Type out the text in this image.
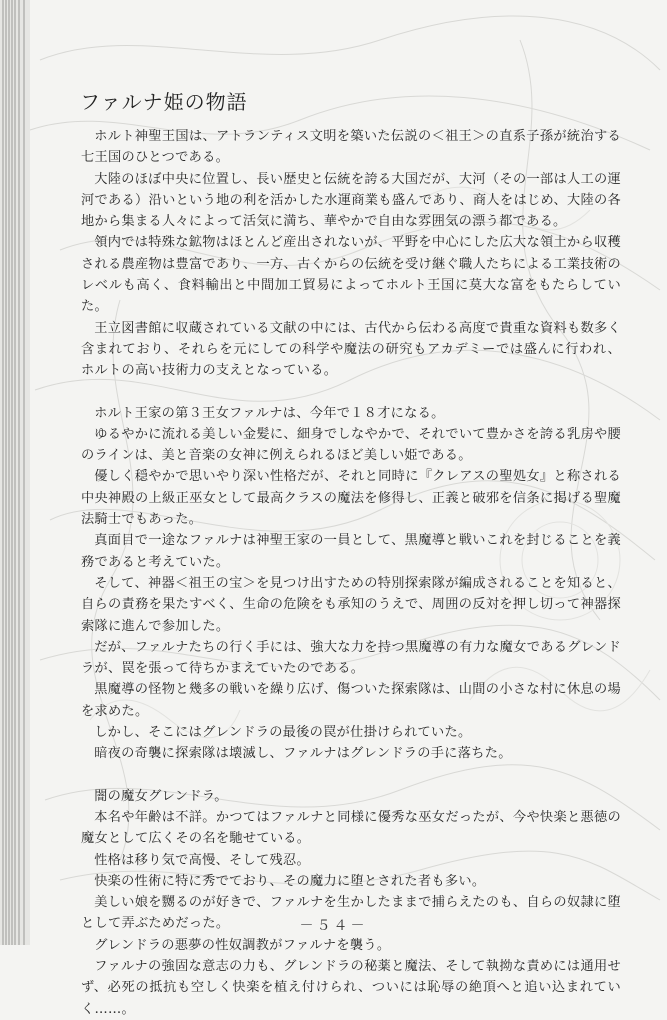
ファルナ姫の物語

ホルト神聖王国は、アトランティス文明を築いた伝説の＜祖王＞の直系子孫が統治する七王国のひとつである。

大陸のほぼ中央に位置し、長い歴史と伝統を誇る大国だが、大河（その一部は人工の運河である）沿いという地の利を活かした水運商業も盛んであり、商人をはじめ、大陸の各地から集まる人々によって活気に満ち、華やかで自由な雰囲気の漂う都である。

領内では特殊な鉱物はほとんど産出されないが、平野を中心にした広大な領土から収穫される農産物は豊富であり、一方、古くからの伝統を受け継ぐ職人たちによる工業技術のレベルも高く、食料輸出と中間加工貿易によってホルト王国に莫大な富をもたらしていた。

王立図書館に収蔵されている文献の中には、古代から伝わる高度で貴重な資料も数多く含まれており、それらを元にしての科学や魔法の研究もアカデミーでは盛んに行われ、ホルトの高い技術力の支えとなっている。

ホルト王家の第３王女ファルナは、今年で１８才になる。

ゆるやかに流れる美しい金髪に、細身でしなやかで、それでいて豊かさを誇る乳房や腰のラインは、美と音楽の女神に例えられるほど美しい姫である。

優しく穏やかで思いやり深い性格だが、それと同時に『クレアスの聖処女』と称される中央神殿の上級正巫女として最高クラスの魔法を修得し、正義と破邪を信条に掲げる聖魔法騎士でもあった。

真面目で一途なファルナは神聖王家の一員として、黒魔導と戦いこれを封じることを義務であると考えていた。

そして、神器＜祖王の宝＞を見つけ出すための特別探索隊が編成されることを知ると、自らの責務を果たすべく、生命の危険をも承知のうえで、周囲の反対を押し切って神器探索隊に進んで参加した。

だが、ファルナたちの行く手には、強大な力を持つ黒魔導の有力な魔女であるグレンドラが、罠を張って待ちかまえていたのである。

黒魔導の怪物と幾多の戦いを繰り広げ、傷ついた探索隊は、山間の小さな村に休息の場を求めた。

しかし、そこにはグレンドラの最後の罠が仕掛けられていた。

暗夜の奇襲に探索隊は壊滅し、ファルナはグレンドラの手に落ちた。

闇の魔女グレンドラ。

本名や年齢は不詳。かつてはファルナと同様に優秀な巫女だったが、今や快楽と悪徳の魔女として広くその名を馳せている。

性格は移り気で高慢、そして残忍。

快楽の性術に特に秀でており、その魔力に堕とされた者も多い。

美しい娘を嬲るのが好きで、ファルナを生かしたままで捕らえたのも、自らの奴隷に堕として弄ぶためだった。

グレンドラの悪夢の性奴調教がファルナを襲う。

ファルナの強固な意志の力も、グレンドラの秘薬と魔法、そして執拗な責めには通用せず、必死の抵抗も空しく快楽を植え付けられ、ついには恥辱の絶頂へと追い込まれていく……。

－５４－
